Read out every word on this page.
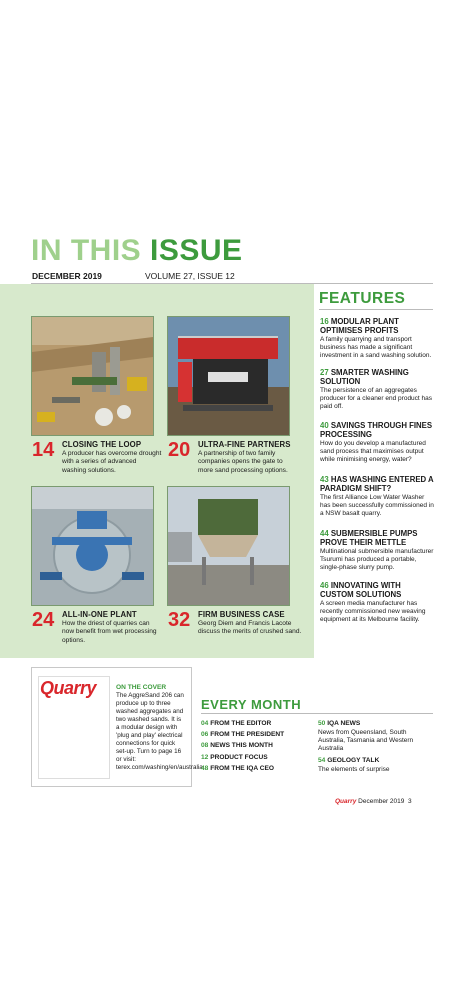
IN THIS ISSUE
DECEMBER 2019	VOLUME 27, ISSUE 12
14 CLOSING THE LOOP
A producer has overcome drought with a series of advanced washing solutions.
20 ULTRA-FINE PARTNERS
A partnership of two family companies opens the gate to more sand processing options.
24 ALL-IN-ONE PLANT
How the driest of quarries can now benefit from wet processing options.
32 FIRM BUSINESS CASE
Georg Diem and Francis Lacote discuss the merits of crushed sand.
FEATURES
16 MODULAR PLANT OPTIMISES PROFITS
A family quarrying and transport business has made a significant investment in a sand washing solution.
27 SMARTER WASHING SOLUTION
The persistence of an aggregates producer for a cleaner end product has paid off.
40 SAVINGS THROUGH FINES PROCESSING
How do you develop a manufactured sand process that maximises output while minimising energy, water?
43 HAS WASHING ENTERED A PARADIGM SHIFT?
The first Alliance Low Water Washer has been successfully commissioned in a NSW basalt quarry.
44 SUBMERSIBLE PUMPS PROVE THEIR METTLE
Multinational submersible manufacturer Tsurumi has produced a portable, single-phase slurry pump.
46 INNOVATING WITH CUSTOM SOLUTIONS
A screen media manufacturer has recently commissioned new weaving equipment at its Melbourne facility.
Quarry	ON THE COVER
The AggreSand 206 can produce up to three washed aggregates and two washed sands. It is a modular design with 'plug and play' electrical connections for quick set-up. Turn to page 16 or visit: terex.com/washing/en/australia
EVERY MONTH
04 FROM THE EDITOR
06 FROM THE PRESIDENT
08 NEWS THIS MONTH
12 PRODUCT FOCUS
48 FROM THE IQA CEO
50 IQA NEWS
News from Queensland, South Australia, Tasmania and Western Australia
54 GEOLOGY TALK
The elements of surprise
Quarry December 2019 3
